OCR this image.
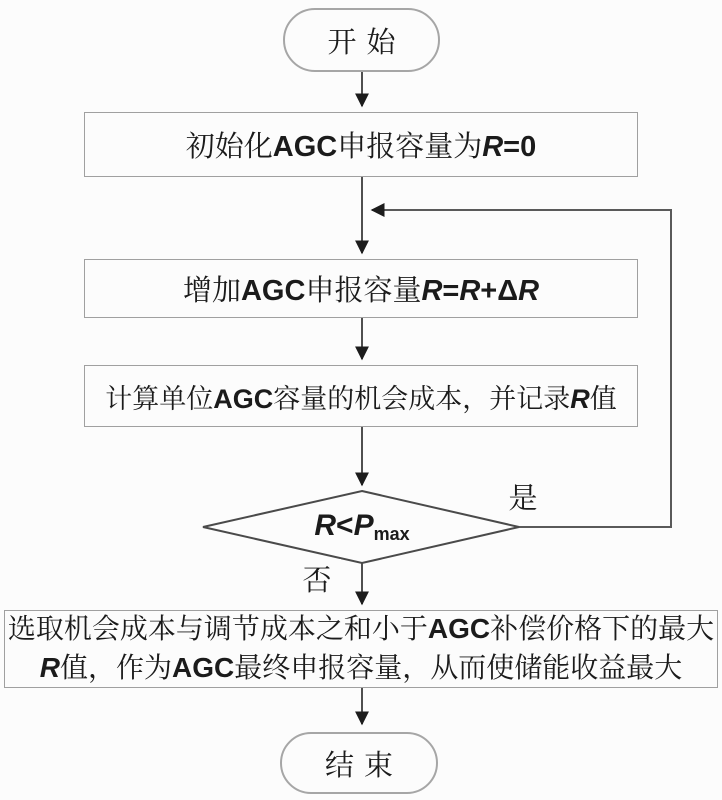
开始
初始化AGC申报容量为R=0
增加AGC申报容量R=R+ΔR
计算单位AGC容量的机会成本，并记录R值
$R<P_{max}$
是
否
选取机会成本与调节成本之和小于AGC补偿价格下的最大
R值，作为AGC最终申报容量，从而使储能收益最大
结束
